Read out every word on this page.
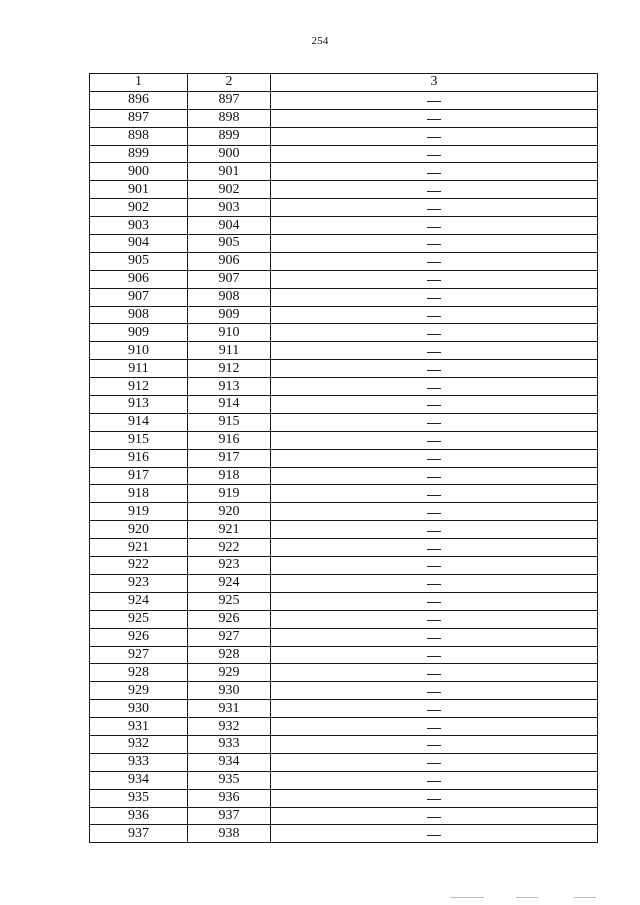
254
1	2	3
896	897	—
897	898	—
898	899	—
899	900	—
900	901	—
901	902	—
902	903	—
903	904	—
904	905	—
905	906	—
906	907	—
907	908	—
908	909	—
909	910	—
910	911	—
911	912	—
912	913	—
913	914	—
914	915	—
915	916	—
916	917	—
917	918	—
918	919	—
919	920	—
920	921	—
921	922	—
922	923	—
923	924	—
924	925	—
925	926	—
926	927	—
927	928	—
928	929	—
929	930	—
930	931	—
931	932	—
932	933	—
933	934	—
934	935	—
935	936	—
936	937	—
937	938	—
